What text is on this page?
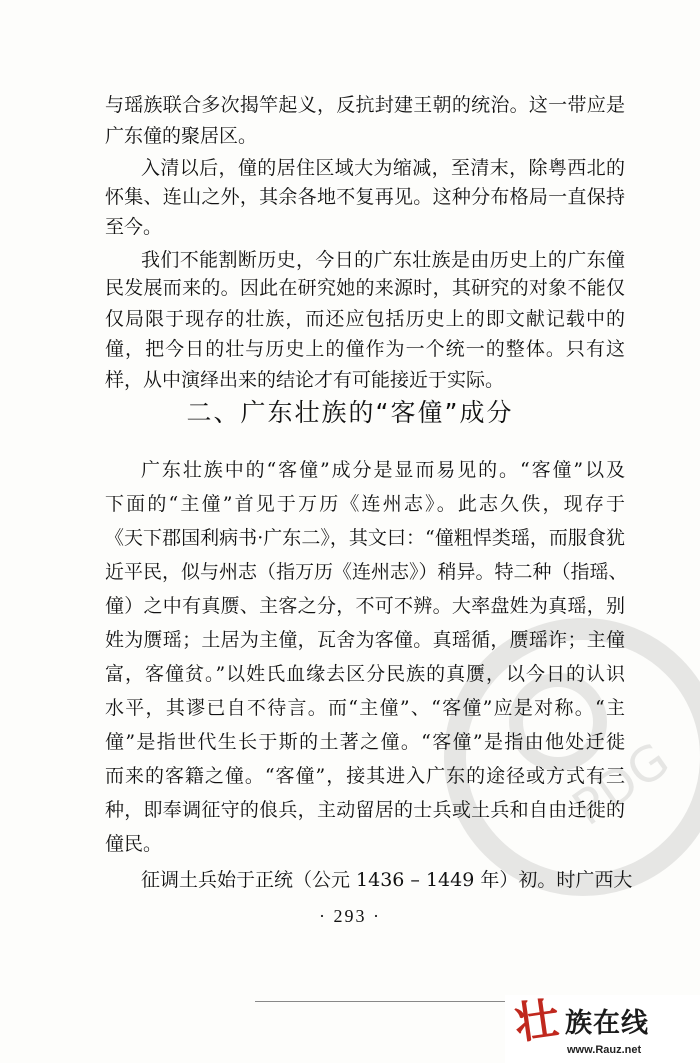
PDG
与瑶族联合多次揭竿起义，反抗封建王朝的统治。这一带应是
广东僮的聚居区。
入清以后，僮的居住区域大为缩减，至清末，除粤西北的
怀集、连山之外，其余各地不复再见。这种分布格局一直保持
至今。
我们不能割断历史，今日的广东壮族是由历史上的广东僮
民发展而来的。因此在研究她的来源时，其研究的对象不能仅
仅局限于现存的壮族，而还应包括历史上的即文献记载中的
僮，把今日的壮与历史上的僮作为一个统一的整体。只有这
样，从中演绎出来的结论才有可能接近于实际。
二、广东壮族的“客僮”成分
广东壮族中的“客僮”成分是显而易见的。“客僮”以及
下面的“主僮”首见于万历《连州志》。此志久佚，现存于
《天下郡国利病书·广东二》，其文曰：“僮粗悍类瑶，而服食犹
近平民，似与州志（指万历《连州志》）稍异。特二种（指瑶、
僮）之中有真赝、主客之分，不可不辨。大率盘姓为真瑶，别
姓为赝瑶；土居为主僮，瓦舍为客僮。真瑶循，赝瑶诈；主僮
富，客僮贫。”以姓氏血缘去区分民族的真赝，以今日的认识
水平，其谬已自不待言。而“主僮”、“客僮”应是对称。“主
僮”是指世代生长于斯的土著之僮。“客僮”是指由他处迁徙
而来的客籍之僮。“客僮”，接其进入广东的途径或方式有三
种，即奉调征守的俍兵，主动留居的士兵或土兵和自由迁徙的
僮民。
征调土兵始于正统（公元 1436 – 1449 年）初。时广西大
· 293 ·
壮 族在线
www.Rauz.net
